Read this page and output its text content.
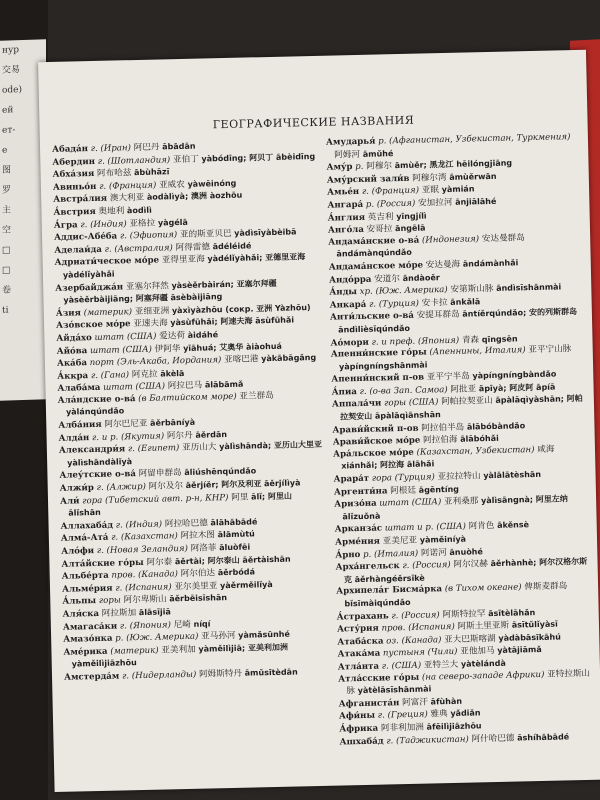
нур
交易
ode)
ей
ет-
е
图
罗
主
空
□
□
卷
ti
ГЕОГРАФИЧЕСКИЕ НАЗВАНИЯ
Абада́н г. (Иран) 阿巴丹 ābādān
Абердин г. (Шотландия) 亚伯丁 yàbódīng; 阿贝丁 ābèidīng
Абха́зия 阿布哈兹 ābùhāzī
Авиньо́н г. (Франция) 亚威农 yàwēinóng
Австра́лия 澳大利亚 àodàlìyà; 澳洲 àozhōu
А́встрия 奥地利 àodìlì
А́гра г. (Индия) 亚格拉 yàgélā
Аддис-Абе́ба г. (Эфиопия) 亚的斯亚贝巴 yàdìsīyàbèibā
Аделаи́да г. (Австралия) 阿得雷德 ādéléidé
Адриати́ческое мо́ре 亚得里亚海 yàdélǐyàhǎi; 亚德里亚海 yàdélǐyàhǎi
Азербайджа́н 亚塞尔拜然 yàsèěrbàirán; 亚塞尔拜疆 yàsèěrbàijiāng; 阿塞拜疆 āsèbàijiāng
А́зия (материк) 亚细亚洲 yàxìyàzhōu (сокр. 亚洲 Yàzhōu)
Азо́вское мо́ре 亚速夫海 yàsùfūhǎi; 阿速夫海 āsùfūhǎi
Айда́хо штат (США) 爱达荷 àidáhé
Айо́ва штат (США) 伊阿华 yīāhuá; 艾奥华 àiàohuá
Ака́ба порт (Эль-Акаба, Иордания) 亚喀巴港 yàkābāgǎng
А́ккра г. (Гана) 阿克拉 ākèlā
Алаба́ма штат (США) 阿拉巴马 ālābāmǎ
Ала́ндские о-ва́ (в Балтийском море) 亚兰群岛 yàlánqúndǎo
Алба́ния 阿尔巴尼亚 āěrbāníyà
Алда́н г. и р. (Якутия) 阿尔丹 āěrdān
Александри́я г. (Египет) 亚历山大 yàlìshāndà; 亚历山大里亚 yàlìshāndàlǐyà
Алеу́тские о-ва́ 阿留申群岛 āliúshēnqúndǎo
Алжи́р г. (Алжир) 阿尔及尔 āěrjíěr; 阿尔及利亚 āěrjílìyà
Али́ гора (Тибетский авт. р-н, КНР) 阿里 ālǐ; 阿里山 ālǐshān
Аллахаба́д г. (Индия) 阿拉哈巴德 ālāhābādé
Алма́-Ата́ г. (Казахстан) 阿拉木图 ālāmùtú
Ало́фи г. (Новая Зеландия) 阿洛菲 āluòfēi
Алта́йские го́ры 阿尔泰 āěrtài; 阿尔泰山 āěrtàishān
Альбе́рта пров. (Канада) 阿尔伯达 āěrbódá
Альме́рия г. (Испания) 亚尔美里亚 yàěrměilǐyà
А́льпы горы 阿尔卑斯山 āěrbēisīshān
Аля́ска 阿拉斯加 ālāsījiā
Амагаса́ки г. (Япония) 尼崎 níqí
Амазо́нка р. (Юж. Америка) 亚马孙河 yàmǎsūnhé
Аме́рика (материк) 亚美利加 yàměilìjiā; 亚美利加洲 yàměilìjiāzhōu
Амстерда́м г. (Нидерланды) 阿姆斯特丹 āmǔsītèdān
Амударья́ р. (Афганистан, Узбекистан, Туркмения) 阿姆河 āmǔhé
Аму́р р. 阿穆尔 āmùěr; 黑龙江 hēilóngjiāng
Аму́рский зали́в 阿穆尔湾 āmùěrwān
Амье́н г. (Франция) 亚眠 yàmián
Ангара́ р. (Россия) 安加拉河 ānjiālāhé
А́нглия 英吉利 yīngjílì
Анго́ла 安哥拉 āngēlā
Андама́нские о-ва́ (Индонезия) 安达曼群岛 āndámànqúndǎo
Андама́нское мо́ре 安达曼海 āndámànhǎi
Андо́рра 安道尔 āndàoěr
А́нды хр. (Юж. Америка) 安第斯山脉 āndìsīshānmài
Анкара́ г. (Турция) 安卡拉 ānkǎlā
Анти́льские о-ва́ 安提耳群岛 āntíěrqúndǎo; 安的列斯群岛 āndìlièsīqúndǎo
Ао́мори г. и преф. (Япония) 青森 qīngsēn
Апенни́нские го́ры (Апеннины, Италия) 亚平宁山脉 yàpíngníngshānmài
Апенни́нский п-ов 亚平宁半岛 yàpíngníngbàndǎo
А́пиа г. (о-ва Зап. Самоа) 阿批亚 āpīyà; 阿皮阿 āpíā
Аппала́чи горы (США) 阿帕拉契亚山 āpàlāqìyàshān; 阿帕拉契安山 āpàlāqìānshān
Арави́йский п-ов 阿拉伯半岛 ālābóbàndǎo
Арави́йское мо́ре 阿拉伯海 ālābóhǎi
Ара́льское мо́ре (Казахстан, Узбекистан) 咸海 xiánhǎi; 阿拉海 ālāhǎi
Арара́т гора (Турция) 亚拉拉特山 yàlālātèshān
Аргенти́на 阿根廷 āgēntíng
Аризо́на штат (США) 亚利桑那 yàlìsāngnà; 阿里左纳 ālǐzuǒnà
Арканза́с штат и р. (США) 阿肯色 ākěnsè
Арме́ния 亚美尼亚 yàměiníyà
А́рно р. (Италия) 阿诺河 ānuòhé
Арха́нгельск г. (Россия) 阿尔汉赫 āěrhànhè; 阿尔汉格尔斯克 āěrhàngéěrsīkè
Архипела́г Бисма́рка (в Тихом океане) 俾斯麦群岛 bǐsīmàiqúndǎo
А́страхань г. (Россия) 阿斯特拉罕 āsītèlāhǎn
Асту́рия пров. (Испания) 阿斯土里亚斯 āsītǔlǐyàsī
Атаба́ска оз. (Канада) 亚大巴斯喀湖 yàdàbāsīkāhú
Атака́ма пустыня (Чили) 亚他加马 yàtājiāmǎ
Атла́нта г. (США) 亚特兰大 yàtèlándà
Атла́сские го́ры (на северо-западе Африки) 亚特拉斯山脉 yàtèlāsīshānmài
Афганиста́н 阿富汗 āfùhàn
Афи́ны г. (Греция) 雅典 yǎdiǎn
А́фрика 阿非利加洲 āfēilìjiāzhōu
Ашхаба́д г. (Таджикистан) 阿什哈巴德 āshíhābādé
